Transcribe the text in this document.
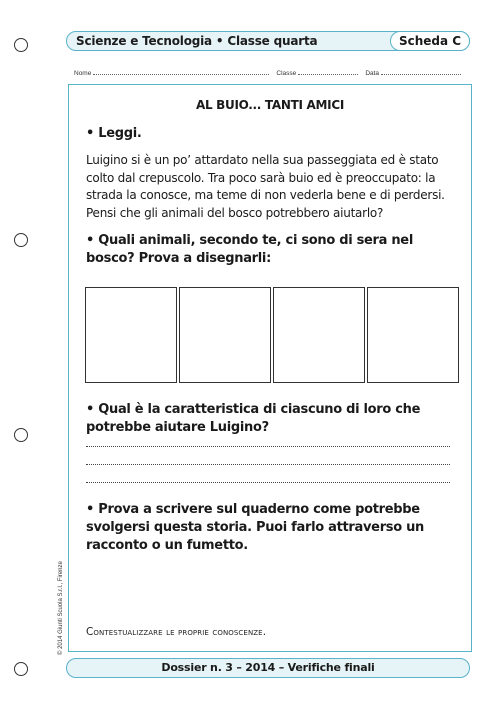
Scienze e Tecnologia • Classe quarta	Scheda C
Nome	Classe	Data
AL BUIO... TANTI AMICI
• Leggi.
Luigino si è un po’ attardato nella sua passeggiata ed è stato colto dal crepuscolo. Tra poco sarà buio ed è preoccupato: la strada la conosce, ma teme di non vederla bene e di perdersi. Pensi che gli animali del bosco potrebbero aiutarlo?
• Quali animali, secondo te, ci sono di sera nel bosco? Prova a disegnarli:
• Qual è la caratteristica di ciascuno di loro che potrebbe aiutare Luigino?
• Prova a scrivere sul quaderno come potrebbe svolgersi questa storia. Puoi farlo attraverso un racconto o un fumetto.
Contestualizzare le proprie conoscenze.
© 2014 Giunti Scuola S.r.l., Firenze
Dossier n. 3 – 2014 – Verifiche finali
